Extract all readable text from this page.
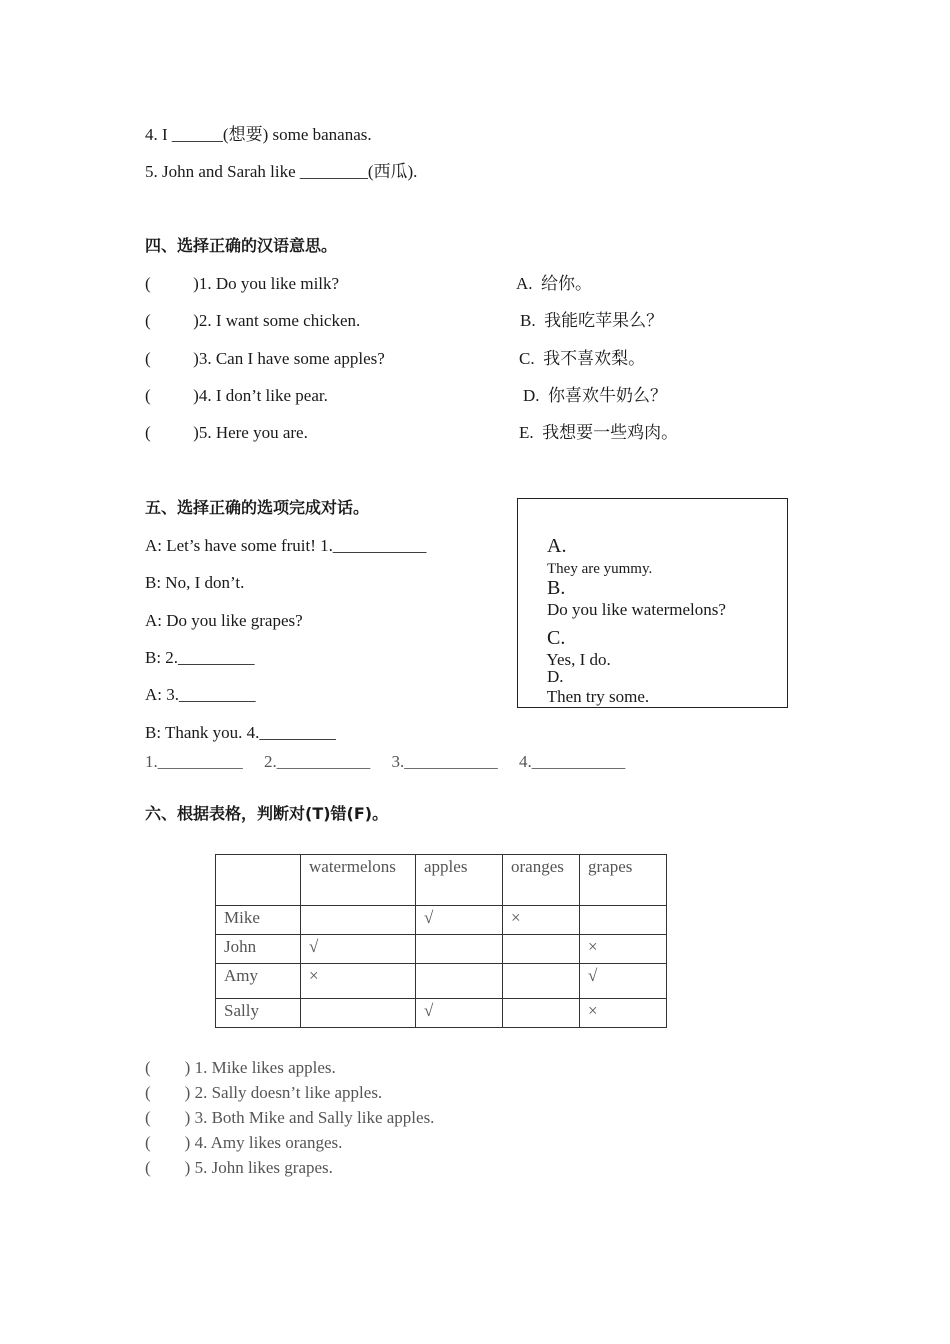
4. I ______(想要) some bananas.
5. John and Sarah like ________(西瓜).
四、选择正确的汉语意思。
(          )1. Do you like milk?
(          )2. I want some chicken.
(          )3. Can I have some apples?
(          )4. I don’t like pear.
(          )5. Here you are.
A.  给你。
B.  我能吃苹果么？
C.  我不喜欢梨。
D.  你喜欢牛奶么？
E.  我想要一些鸡肉。
五、选择正确的选项完成对话。
A: Let’s have some fruit! 1.___________
B: No, I don’t.
A: Do you like grapes?
B: 2._________
A: 3._________
B: Thank you. 4._________
1.__________     2.___________     3.___________     4.___________

A.
They are yummy.

B.
Do you like watermelons?

C.
Yes, I do.

D.
Then try some.

六、根据表格，判断对(T)错(F)。
	watermelons	apples	oranges	grapes
Mike		√	×	
John	√			×
Amy	×			√
Sally		√		×
(        ) 1. Mike likes apples.
(        ) 2. Sally doesn’t like apples.
(        ) 3. Both Mike and Sally like apples.
(        ) 4. Amy likes oranges.
(        ) 5. John likes grapes.
